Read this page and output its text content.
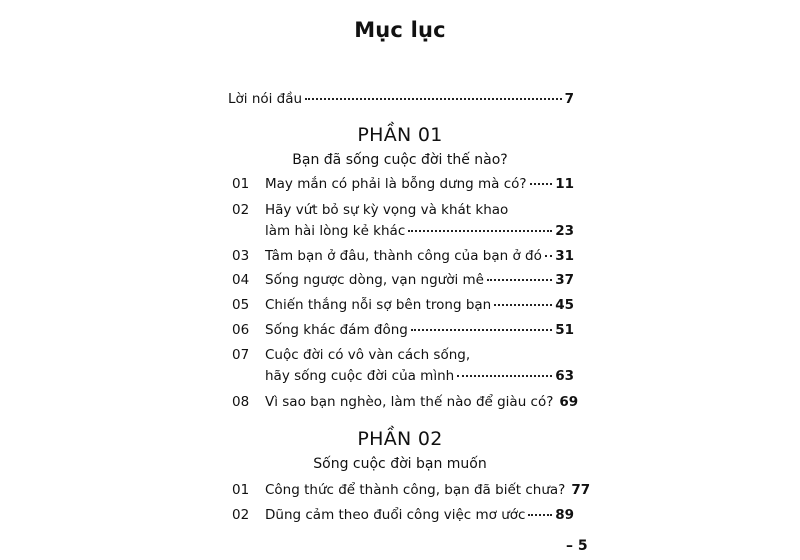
Mục lục
Lời nói đầu	7
PHẦN 01
Bạn đã sống cuộc đời thế nào?
01 May mắn có phải là bỗng dưng mà có? 11
02 Hãy vứt bỏ sự kỳ vọng và khát khao
làm hài lòng kẻ khác	23
03 Tâm bạn ở đâu, thành công của bạn ở đó 31
04 Sống ngược dòng, vạn người mê	37
05 Chiến thắng nỗi sợ bên trong bạn	45
06 Sống khác đám đông	51
07 Cuộc đời có vô vàn cách sống,
hãy sống cuộc đời của mình	63
08 Vì sao bạn nghèo, làm thế nào để giàu có? 69
PHẦN 02
Sống cuộc đời bạn muốn
01 Công thức để thành công, bạn đã biết chưa? 77
02 Dũng cảm theo đuổi công việc mơ ước 89
– 5
